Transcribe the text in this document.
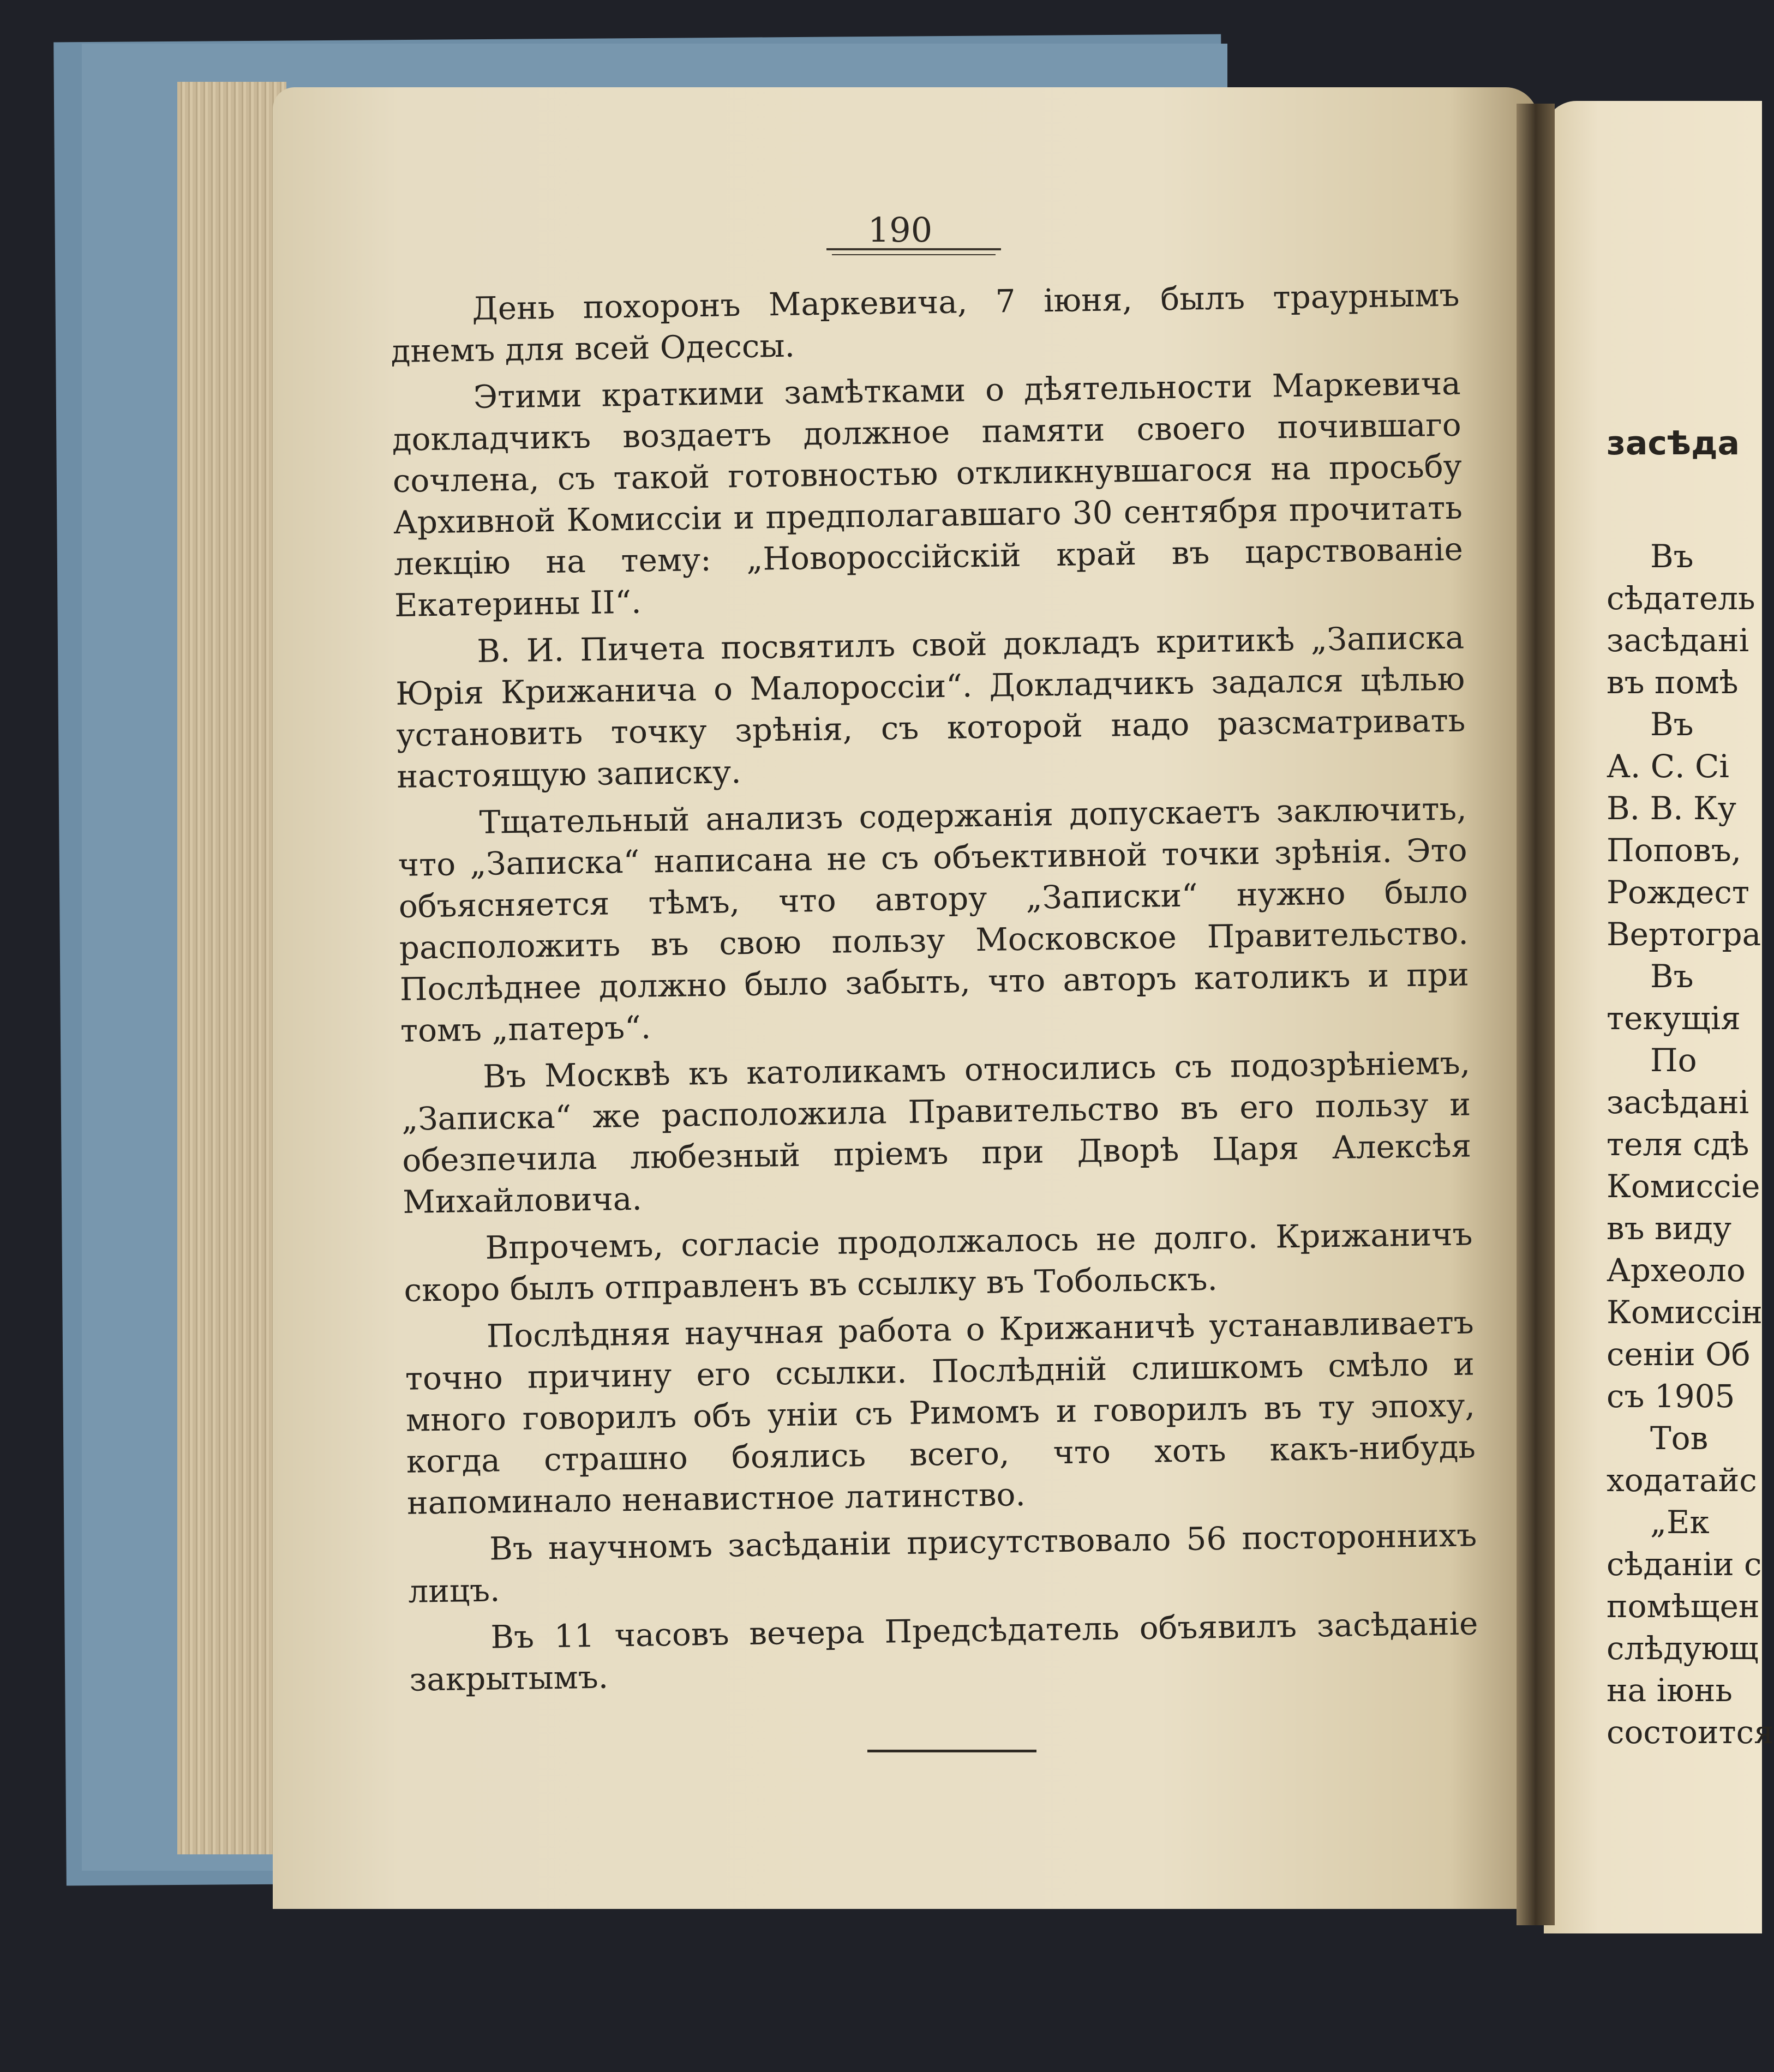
190

День похоронъ Маркевича, 7 іюня, былъ траурнымъ днемъ для всей Одессы.

Этими краткими замѣтками о дѣятельности Маркевича докладчикъ воздаетъ должное памяти своего почившаго сочлена, съ такой готовностью откликнувшагося на просьбу Архивной Комиссіи и предполагавшаго 30 сентября прочитать лекцію на тему: „Новороссійскій край въ царствованіе Екатерины II“.

В. И. Пичета посвятилъ свой докладъ критикѣ „Записка Юрія Крижанича о Малороссіи“. Докладчикъ задался цѣлью установить точку зрѣнія, съ которой надо разсматривать настоящую записку.

Тщательный анализъ содержанія допускаетъ заключить, что „Записка“ написана не съ объективной точки зрѣнія. Это объясняется тѣмъ, что автору „Записки“ нужно было расположить въ свою пользу Московское Правительство. Послѣднее должно было забыть, что авторъ католикъ и при томъ „патеръ“.

Въ Москвѣ къ католикамъ относились съ подозрѣніемъ, „Записка“ же расположила Правительство въ его пользу и обезпечила любезный пріемъ при Дворѣ Царя Алексѣя Михайловича.

Впрочемъ, согласіе продолжалось не долго. Крижаничъ скоро былъ отправленъ въ ссылку въ Тобольскъ.

Послѣдняя научная работа о Крижаничѣ устанавливаетъ точно причину его ссылки. Послѣдній слишкомъ смѣло и много говорилъ объ уніи съ Римомъ и говорилъ въ ту эпоху, когда страшно боялись всего, что хоть какъ-нибудь напоминало ненавистное латинство.

Въ научномъ засѣданіи присутствовало 56 постороннихъ лицъ.

Въ 11 часовъ вечера Предсѣдатель объявилъ засѣданіе закрытымъ.

засѣда
Въ
сѣдатель
засѣдані
въ помѣ
Въ
А. С. Сі
В. В. Ку
Поповъ,
Рождест
Вертогра
Въ
текущія
По
засѣдані
теля сдѣ
Комиссіе
въ виду
Археоло
Комиссін
сеніи Об
съ 1905
Тов
ходатайс
„Ек
сѣданіи с
помѣщен
слѣдующ
на іюнь
состоится
